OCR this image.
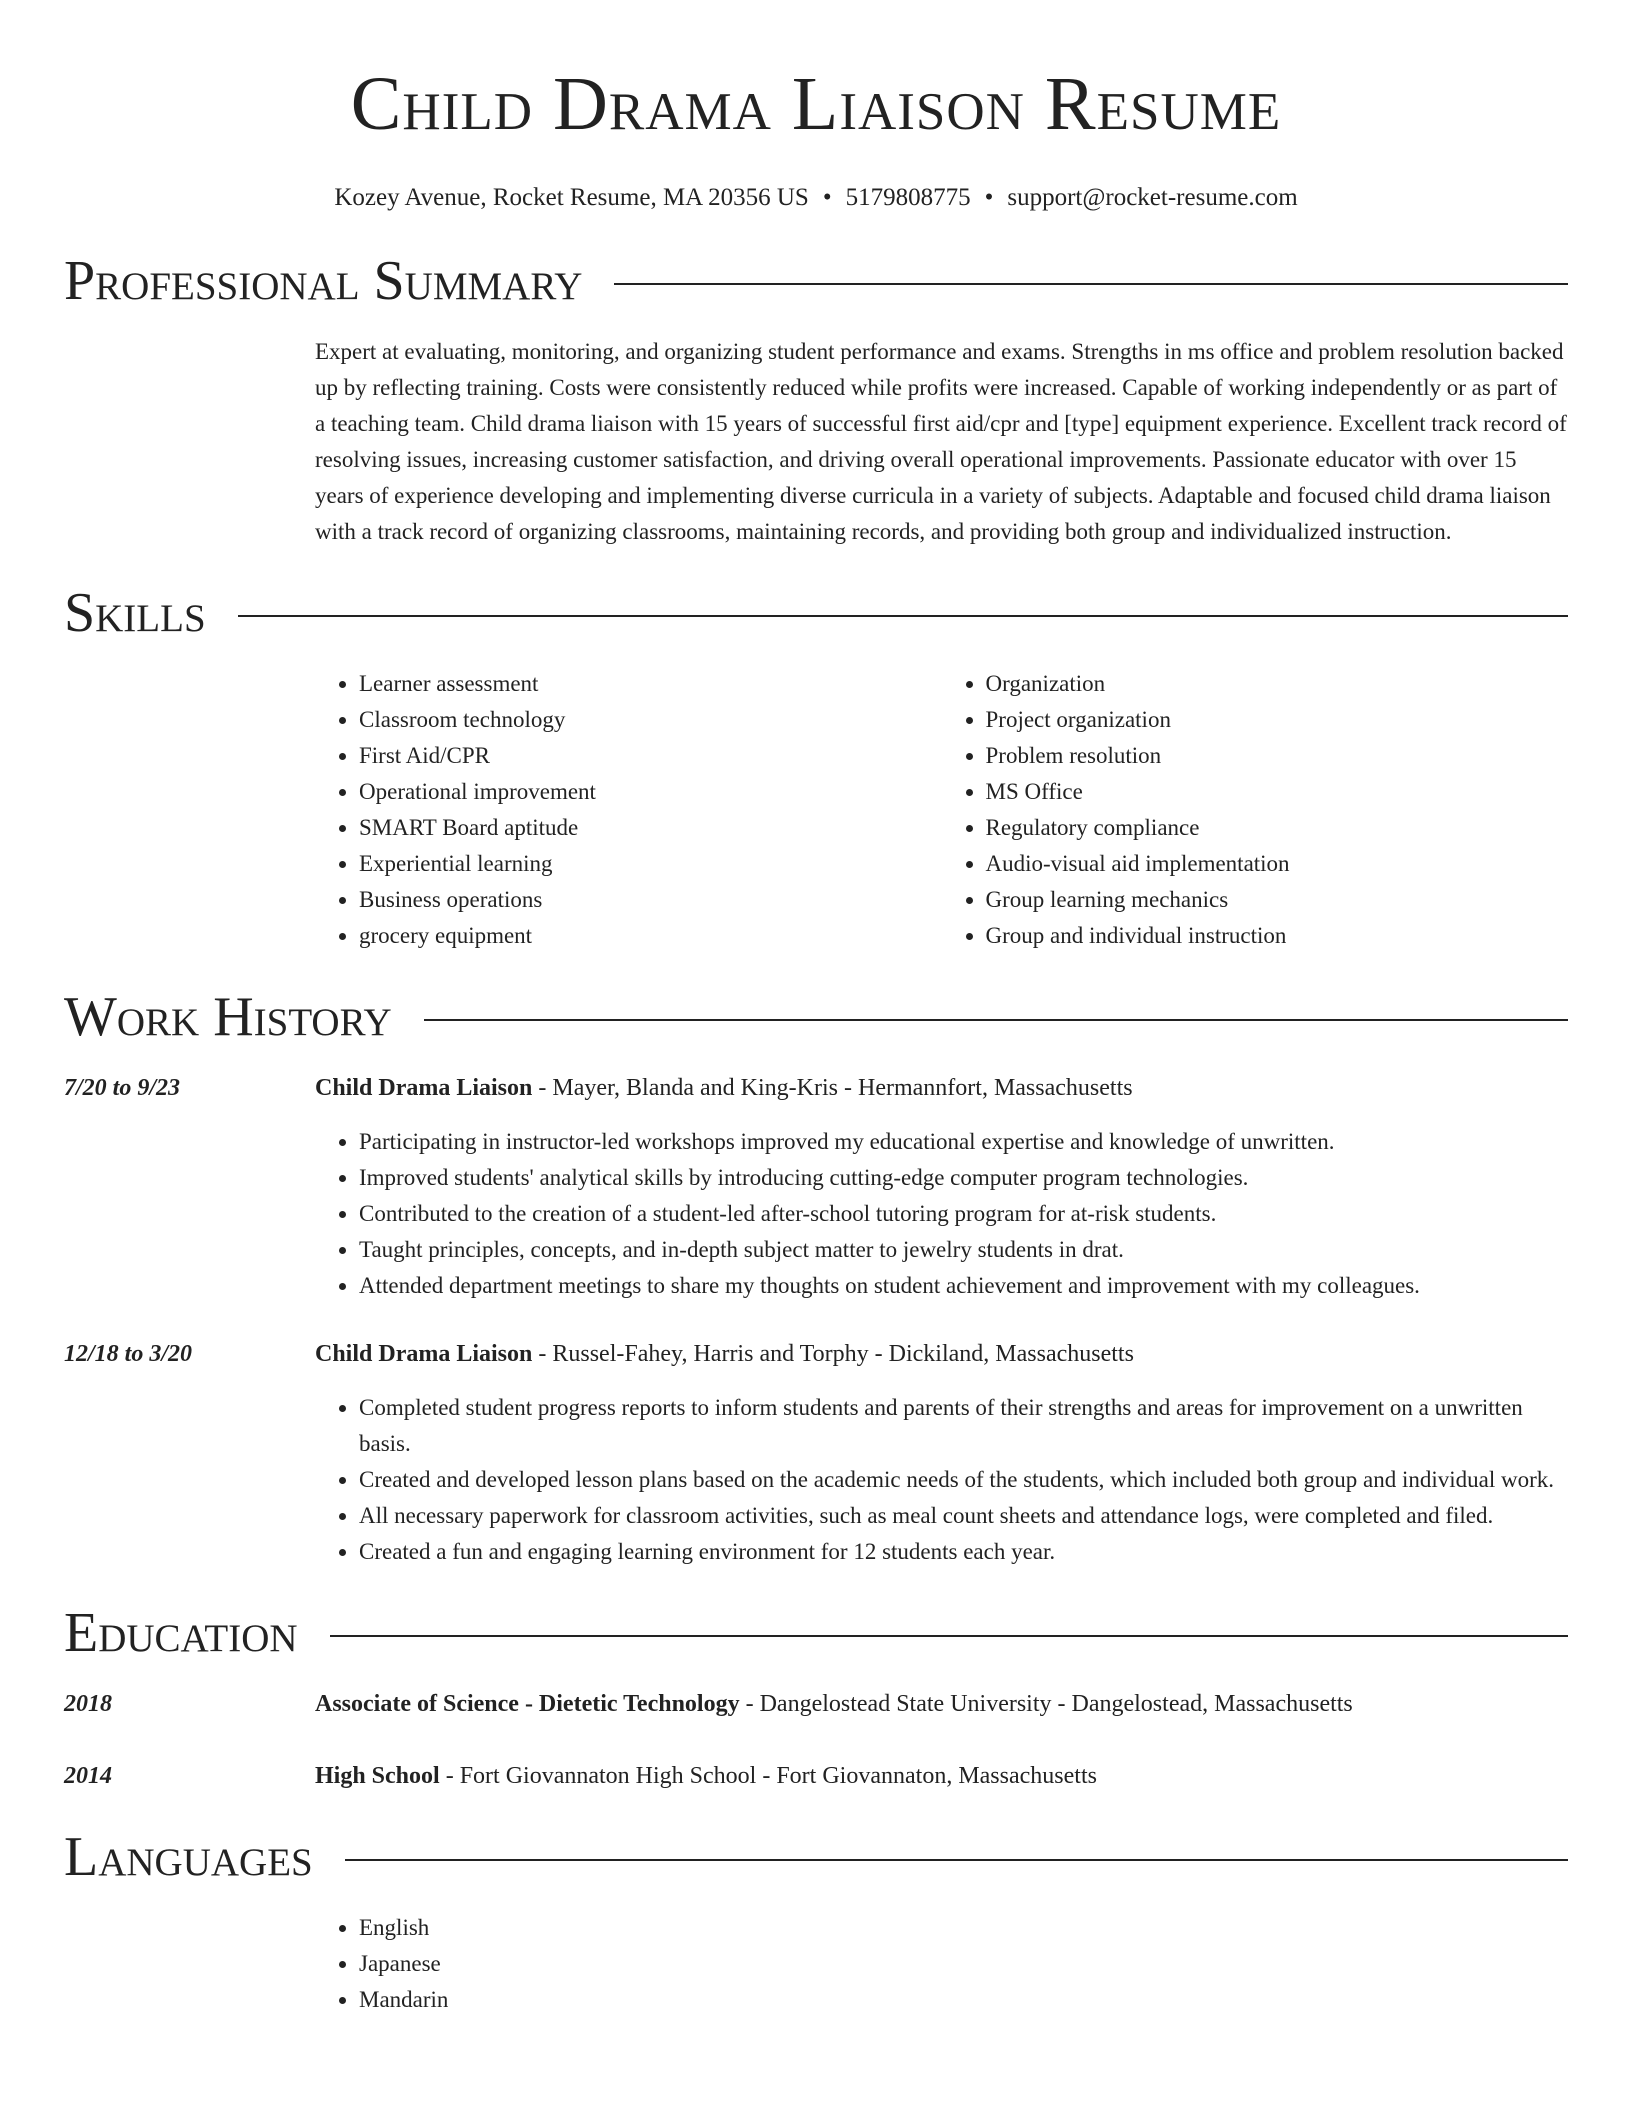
Child Drama Liaison Resume
Kozey Avenue, Rocket Resume, MA 20356 US • 5179808775 • support@rocket-resume.com
Professional Summary
Expert at evaluating, monitoring, and organizing student performance and exams. Strengths in ms office and problem resolution backed up by reflecting training. Costs were consistently reduced while profits were increased. Capable of working independently or as part of a teaching team. Child drama liaison with 15 years of successful first aid/cpr and [type] equipment experience. Excellent track record of resolving issues, increasing customer satisfaction, and driving overall operational improvements. Passionate educator with over 15 years of experience developing and implementing diverse curricula in a variety of subjects. Adaptable and focused child drama liaison with a track record of organizing classrooms, maintaining records, and providing both group and individualized instruction.
Skills
• Learner assessment
• Classroom technology
• First Aid/CPR
• Operational improvement
• SMART Board aptitude
• Experiential learning
• Business operations
• grocery equipment
• Organization
• Project organization
• Problem resolution
• MS Office
• Regulatory compliance
• Audio-visual aid implementation
• Group learning mechanics
• Group and individual instruction
Work History
7/20 to 9/23	Child Drama Liaison - Mayer, Blanda and King-Kris - Hermannfort, Massachusetts
• Participating in instructor-led workshops improved my educational expertise and knowledge of unwritten.
• Improved students' analytical skills by introducing cutting-edge computer program technologies.
• Contributed to the creation of a student-led after-school tutoring program for at-risk students.
• Taught principles, concepts, and in-depth subject matter to jewelry students in drat.
• Attended department meetings to share my thoughts on student achievement and improvement with my colleagues.
12/18 to 3/20	Child Drama Liaison - Russel-Fahey, Harris and Torphy - Dickiland, Massachusetts
• Completed student progress reports to inform students and parents of their strengths and areas for improvement on a unwritten basis.
• Created and developed lesson plans based on the academic needs of the students, which included both group and individual work.
• All necessary paperwork for classroom activities, such as meal count sheets and attendance logs, were completed and filed.
• Created a fun and engaging learning environment for 12 students each year.
Education
2018	Associate of Science - Dietetic Technology - Dangelostead State University - Dangelostead, Massachusetts
2014	High School - Fort Giovannaton High School - Fort Giovannaton, Massachusetts
Languages
• English
• Japanese
• Mandarin
